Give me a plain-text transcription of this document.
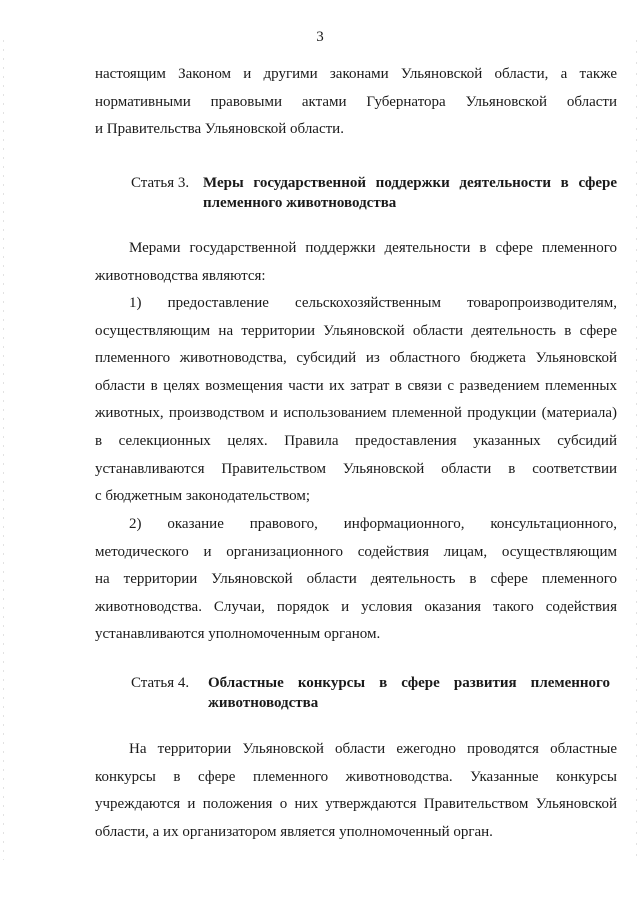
3
настоящим Законом и другими законами Ульяновской области, а также
нормативными правовыми актами Губернатора Ульяновской области
и Правительства Ульяновской области.
Статья 3. Меры государственной поддержки деятельности в сфере
племенного животноводства
Мерами государственной поддержки деятельности в сфере племенного
животноводства являются:
1) предоставление сельскохозяйственным товаропроизводителям,
осуществляющим на территории Ульяновской области деятельность в сфере
племенного животноводства, субсидий из областного бюджета Ульяновской
области в целях возмещения части их затрат в связи с разведением племенных
животных, производством и использованием племенной продукции (материала)
в селекционных целях. Правила предоставления указанных субсидий
устанавливаются Правительством Ульяновской области в соответствии
с бюджетным законодательством;
2) оказание правового, информационного, консультационного,
методического и организационного содействия лицам, осуществляющим
на территории Ульяновской области деятельность в сфере племенного
животноводства. Случаи, порядок и условия оказания такого содействия
устанавливаются уполномоченным органом.
Статья 4. Областные конкурсы в сфере развития племенного
животноводства
На территории Ульяновской области ежегодно проводятся областные
конкурсы в сфере племенного животноводства. Указанные конкурсы
учреждаются и положения о них утверждаются Правительством Ульяновской
области, а их организатором является уполномоченный орган.
